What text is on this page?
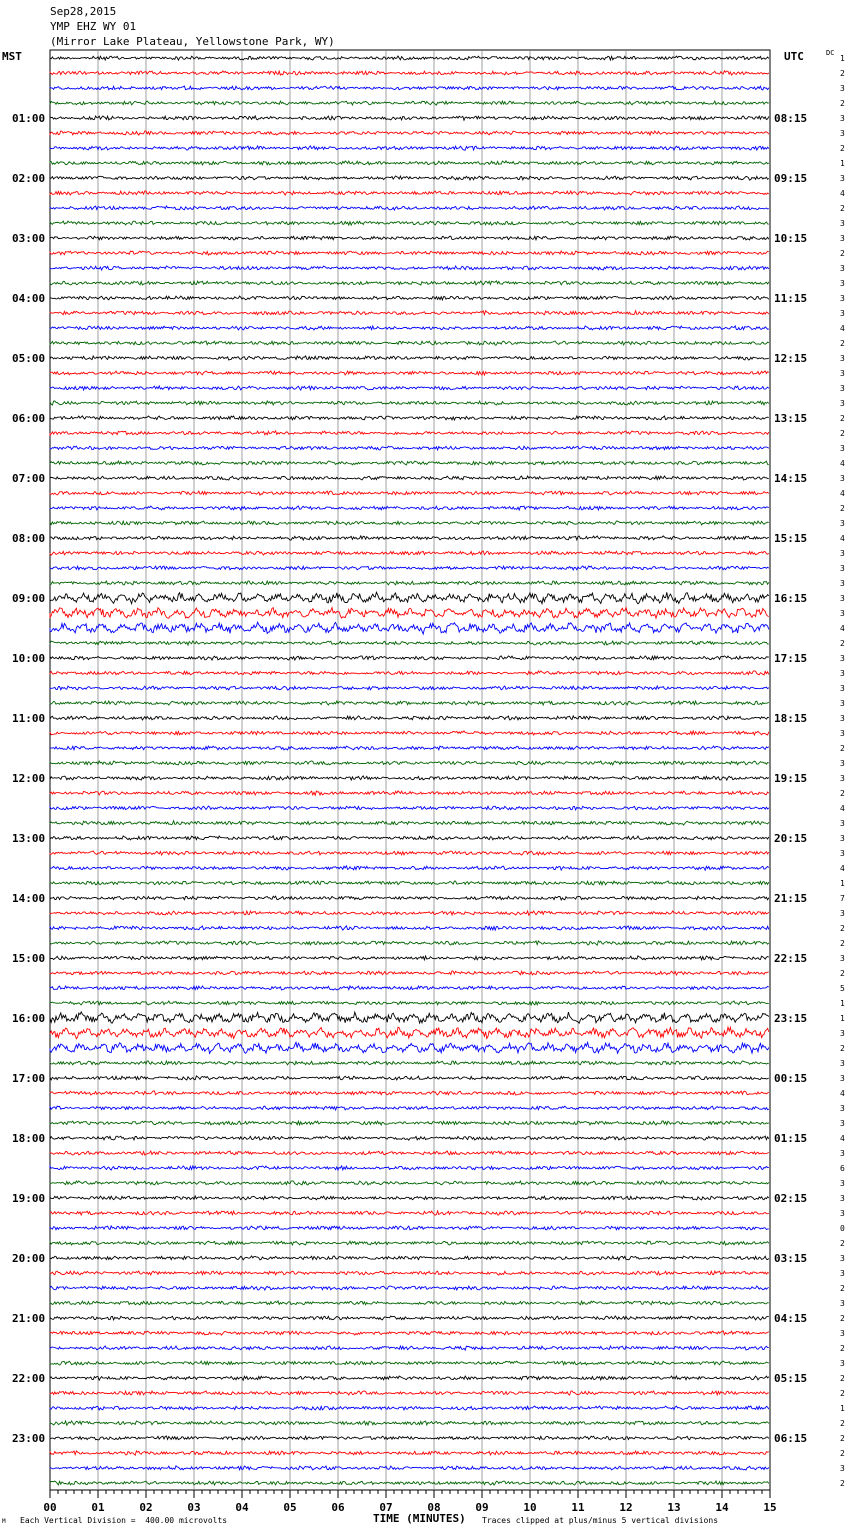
Sep28,2015
YMP EHZ WY 01
(Mirror Lake Plateau, Yellowstone Park, WY)
MST	UTC	DC
1
2
3
2
3
3
2
1
3
4
2
3
3
2
3
3
3
3
4
2
3
3
3
3
2
2
3
4
3
4
2
3
4
3
3
3
3
3
4
2
3
3
3
3
3
3
2
3
3
2
4
3
3
3
4
1
7
3
2
2
3
2
5
1
1
3
2
3
3
4
3
3
4
3
6
3
3
3
0
2
3
3
2
3
2
3
2
3
2
2
1
2
2
2
3
2
01:00
02:00
03:00
04:00
05:00
06:00
07:00
08:00
09:00
10:00
11:00
12:00
13:00
14:00
15:00
16:00
17:00
18:00
19:00
20:00
21:00
22:00
23:00
08:15
09:15
10:15
11:15
12:15
13:15
14:15
15:15
16:15
17:15
18:15
19:15
20:15
21:15
22:15
23:15
00:15
01:15
02:15
03:15
04:15
05:15
06:15
00	01	02	03	04	05	06	07	08	09	10	11	12	13	14	15
M Each Vertical Division =  400.00 microvolts	TIME (MINUTES) Traces clipped at plus/minus 5 vertical divisions
